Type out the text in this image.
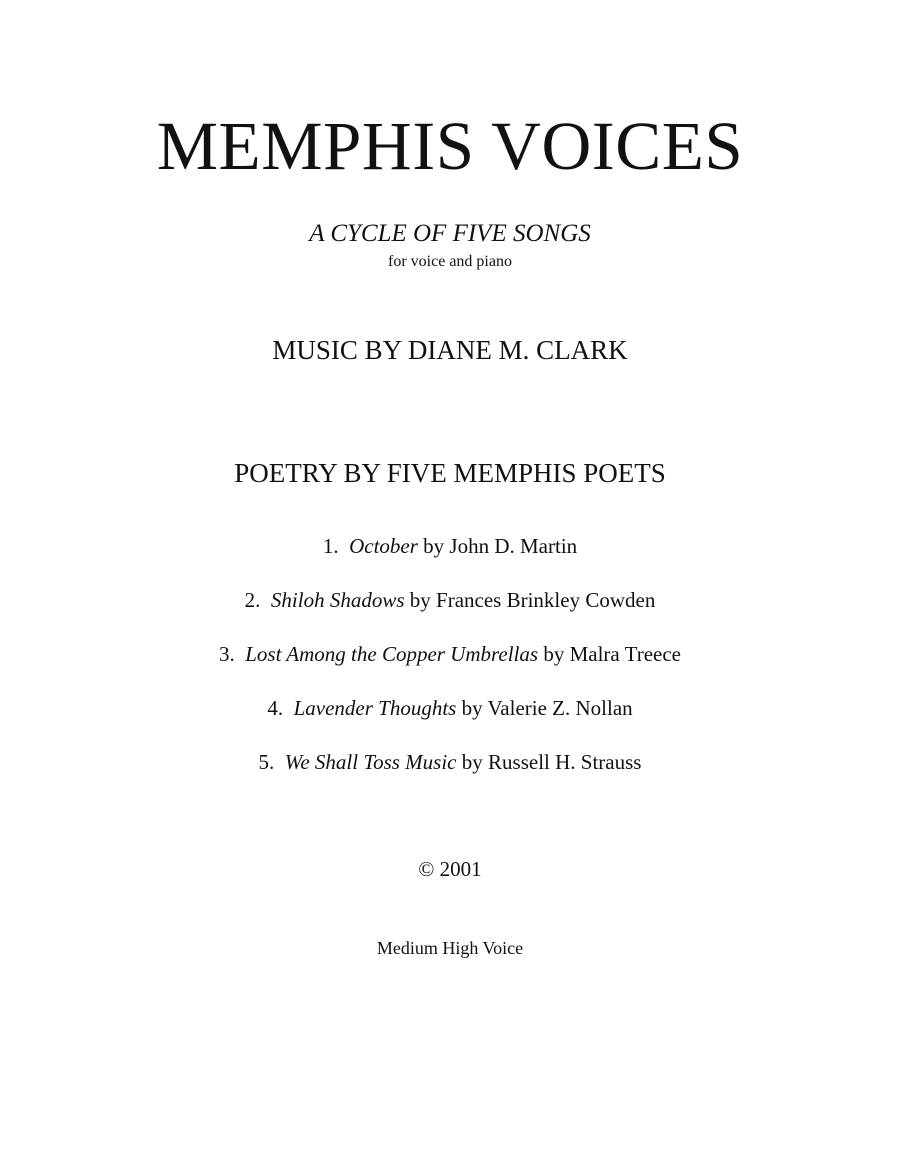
MEMPHIS VOICES
A CYCLE OF FIVE SONGS
for voice and piano
MUSIC BY DIANE M. CLARK
POETRY BY FIVE MEMPHIS POETS
1. October by John D. Martin
2. Shiloh Shadows by Frances Brinkley Cowden
3. Lost Among the Copper Umbrellas by Malra Treece
4. Lavender Thoughts by Valerie Z. Nollan
5. We Shall Toss Music by Russell H. Strauss
© 2001
Medium High Voice
